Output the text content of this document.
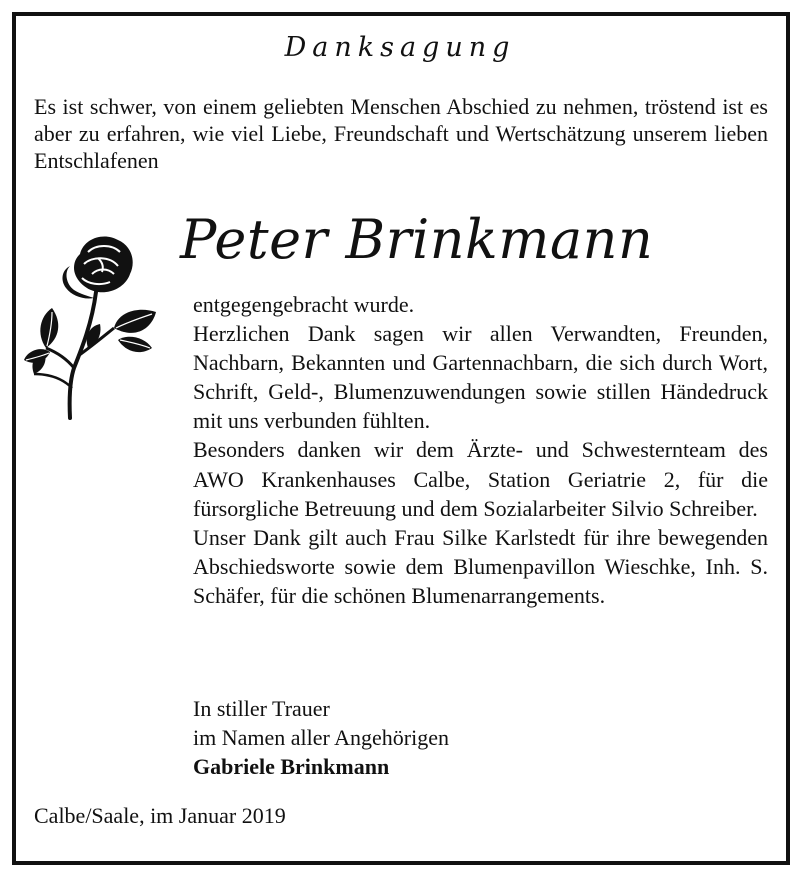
Danksagung

Es ist schwer, von einem geliebten Menschen Abschied zu nehmen, tröstend ist es aber zu erfahren, wie viel Liebe, Freundschaft und Wertschätzung unserem lieben Entschlafenen

Peter Brinkmann

entgegengebracht wurde.

Herzlichen Dank sagen wir allen Verwandten, Freunden, Nachbarn, Bekannten und Gartennachbarn, die sich durch Wort, Schrift, Geld-, Blumenzuwendungen sowie stillen Händedruck mit uns verbunden fühlten.

Besonders danken wir dem Ärzte- und Schwesternteam des AWO Krankenhauses Calbe, Station Geriatrie 2, für die fürsorgliche Betreuung und dem Sozialarbeiter Silvio Schreiber.

Unser Dank gilt auch Frau Silke Karlstedt für ihre bewegenden Abschiedsworte sowie dem Blumenpavillon Wieschke, Inh. S. Schäfer, für die schönen Blumenarrangements.

In stiller Trauer
im Namen aller Angehörigen
Gabriele Brinkmann
Calbe/Saale, im Januar 2019
